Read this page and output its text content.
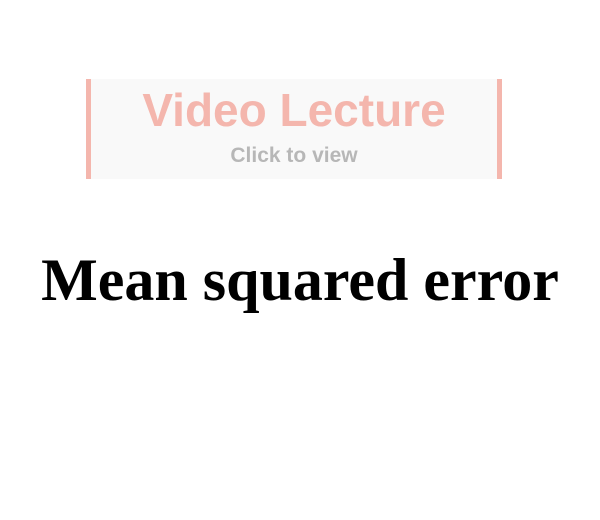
Video Lecture
Click to view
Mean squared error
